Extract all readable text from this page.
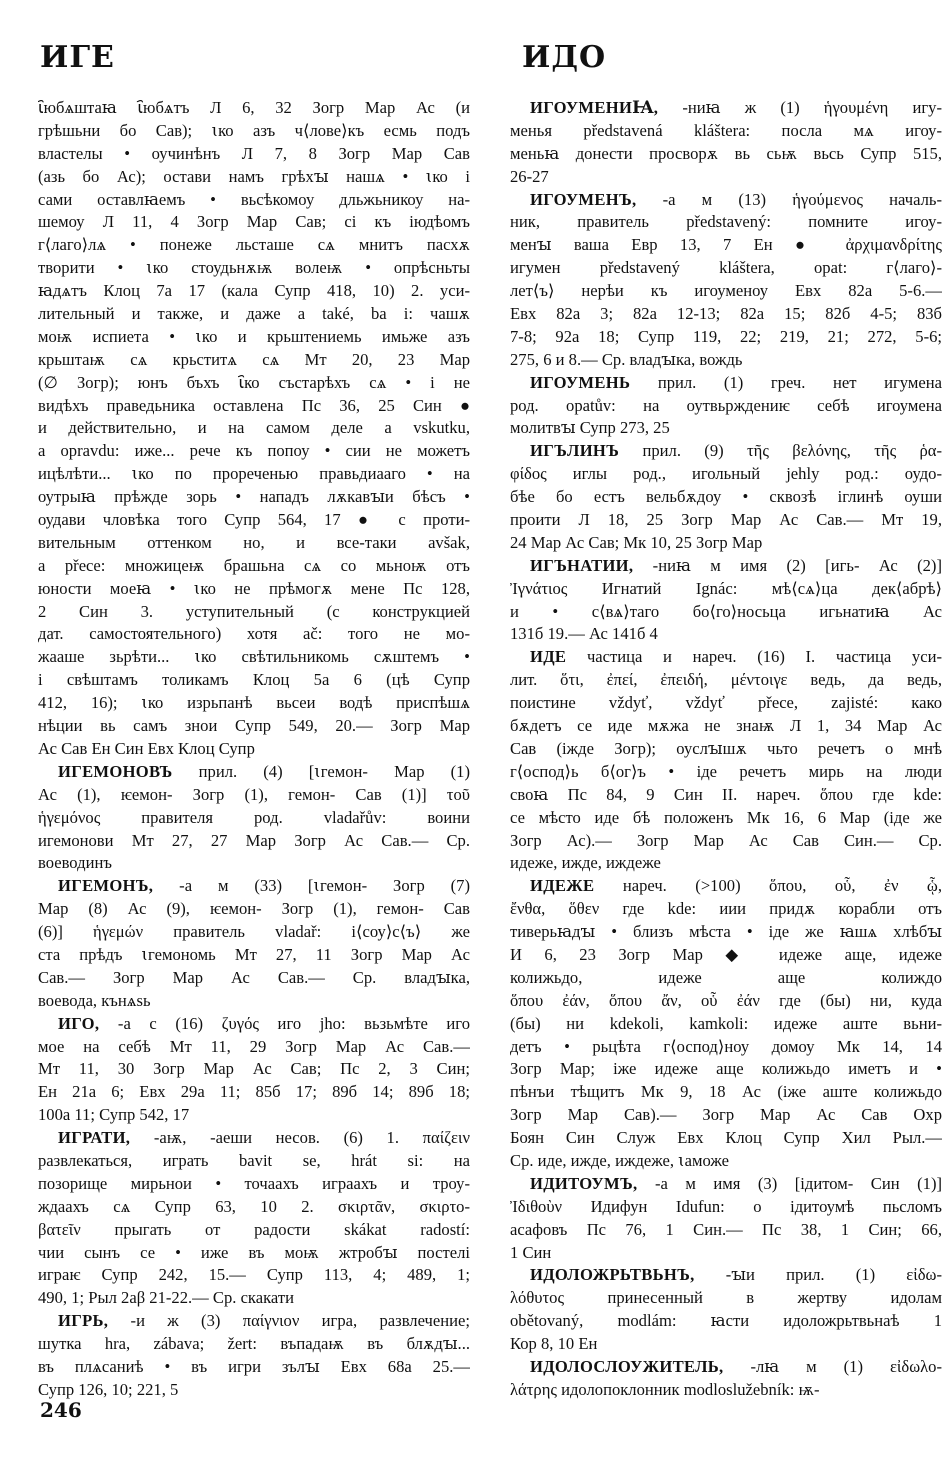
ИГЕ	ИДО
ꙇ҄юбѧштаꙗ ꙇ҄юбѧтъ Л 6, 32 Зогр Мар Ас (и
грѣшьни бо Сав); ꙇко азъ ч⟨лове⟩къ есмь подъ
властелы • оучинѣнъ Л 7, 8 Зогр Мар Сав
(азь бо Ас); остави намъ грѣхꙑ нашѧ • ꙇко і
сами оставлꙗемъ • вьсѣкомоу дльжьникоу на-
шемоу Л 11, 4 Зогр Мар Сав; сі къ іюдѣомъ
г⟨лаго⟩лѧ • понеже льсташе сѧ мнитъ пасхѫ
творити • ꙇко стоудьнѫѭ волеѭ • опрѣсньты
ꙗдѧтъ Клоц 7а 17 (кала Супр 418, 10) 2. уси-
лительный и также, и даже a také, ba i: чашѫ
моѭ испиета • ꙇко и крьштениемь имьже азъ
крьштаѭ сѧ крьститѧ сѧ Мт 20, 23 Мар
(∅ Зогр); юнъ бъхъ ꙇ҄ко състарѣхъ сѧ • і не
видѣхъ праведьника оставлена Пс 36, 25 Син ●
и действительно, и на самом деле a vskutku,
a opravdu: иже... рече къ попоу • сии не можетъ
ицѣлѣти... ꙇко по прореченью правьдиааго • на
оутрыꙗ прѣжде зорь • нападъ лѫкавꙑи бѣсъ •
оудави чловѣка того Супр 564, 17 ● с проти-
вительным оттенком но, и все-таки avšak,
a přece: множицеѭ брашьна сѧ со мьноѭ отъ
юности моеꙗ • ꙇко не прѣмогѫ мене Пс 128,
2 Син 3. уступительный (с конструкцией
дат. самостоятельного) хотя ač: того не мо-
жааше зьрѣти... ꙇко свѣтильникомь сѫштемъ •
і свѣштамъ толикамъ Клоц 5а 6 (цѣ Супр
412, 16); ꙇко изрьпанѣ вьсеи водѣ приспѣшѧ
нѣции вь самъ знои Супр 549, 20.— Зогр Мар
Ас Сав Ен Син Евх Клоц Супр
ИГЕМОНОВЪ прил. (4) [ꙇгемон- Мар (1)
Ас (1), ѥемон- Зогр (1), гемон- Сав (1)] τοῦ
ἡγεμόνος правителя род. vladařův: воини
игемонови Мт 27, 27 Мар Зогр Ас Сав.— Ср.
воеводинъ
ИГЕМОНЪ, -а м (33) [ꙇгемон- Зогр (7)
Мар (8) Ас (9), ѥемон- Зогр (1), гемон- Сав
(6)] ἡγεμών правитель vladař: і⟨соу⟩с⟨ъ⟩ же
ста прѣдъ ꙇгемономь Мт 27, 11 Зогр Мар Ас
Сав.— Зогр Мар Ас Сав.— Ср. владꙑка,
воевода, кънѧѕь
ИГО, -а с (16) ζυγός иго jho: вьзьмѣте иго
мое на себѣ Мт 11, 29 Зогр Мар Ас Сав.—
Мт 11, 30 Зогр Мар Ас Сав; Пс 2, 3 Син;
Ен 21а 6; Евх 29а 11; 85б 17; 89б 14; 89б 18;
100а 11; Супр 542, 17
ИГРАТИ, -аѭ, -аеши несов. (6) 1. παίζειν
развлекаться, играть bavit se, hrát si: на
позорище мирьнои • точаахъ играахъ и троу-
ждаахъ сѧ Супр 63, 10 2. σκιρτᾶν, σκιρτο-
βατεῖν прыгать от радости skákat radostí:
чии сынъ се • иже въ моѭ жтробꙑ постелі
играѥ Супр 242, 15.— Супр 113, 4; 489, 1;
490, 1; Рыл 2аβ 21-22.— Ср. скакати
ИГРЬ, -и ж (3) παίγνιον игра, развлечение;
шутка hra, zábava; žert: въпадаѭ въ блѫдꙑ...
въ плѧсаниѣ • въ игри зълꙑ Евх 68а 25.—
Супр 126, 10; 221, 5
ИГОУМЕНИꙖ, -ниꙗ ж (1) ἡγουμένη игу-
менья představená kláštera: посла мѧ игоу-
меньꙗ донести просворѫ вь сьѭ вьсь Супр 515,
26-27
ИГОУМЕНЪ, -а м (13) ἡγούμενος началь-
ник, правитель představený: помните игоу-
менꙑ ваша Евр 13, 7 Ен ● ἀρχιμανδρίτης
игумен představený kláštera, opat: г⟨лаго⟩-
лет⟨ъ⟩ нерѣи къ игоуменоу Евх 82а 5-6.—
Евх 82а 3; 82а 12-13; 82а 15; 82б 4-5; 83б
7-8; 92а 18; Супр 119, 22; 219, 21; 272, 5-6;
275, 6 и 8.— Ср. владꙑка, вождь
ИГОУМЕНЬ прил. (1) греч. нет игумена
род. opatův: на оутвьрждениѥ себѣ игоумена
молитвꙑ Супр 273, 25
ИГЪЛИНЪ прил. (9) τῆς βελόνης, τῆς ῥα-
φίδος иглы род., игольный jehly род.: оудо-
бѣе бо естъ вельбѫдоу • сквозѣ іглинѣ оуши
проити Л 18, 25 Зогр Мар Ас Сав.— Мт 19,
24 Мар Ас Сав; Мк 10, 25 Зогр Мар
ИГЪНАТИИ, -ниꙗ м имя (2) [игь- Ас (2)]
Ἰγνάτιος Игнатий Ignác: мѣ⟨сѧ⟩ца дек⟨абрѣ⟩
и • с⟨вѧ⟩таго бо⟨го⟩носьца игьнатиꙗ Ас
131б 19.— Ас 141б 4
ИДЕ частица и нареч. (16) I. частица уси-
лит. ὅτι, ἐπεί, ἐπειδή, μέντοιγε ведь, да ведь,
поистине vždyť, vždyť přece, zajisté: како
бѫдетъ се иде мѫжа не знаѭ Л 1, 34 Мар Ас
Сав (іжде Зогр); оуслꙑшѫ чьто речетъ о мнѣ
г⟨оспод⟩ь б⟨ог⟩ъ • іде речетъ мирь на люди
своꙗ Пс 84, 9 Син II. нареч. ὅπου где kde:
се мѣсто иде бѣ положенъ Мк 16, 6 Мар (іде же
Зогр Ас).— Зогр Мар Ас Сав Син.— Ср.
идеже, иждe, иждеже
ИДЕЖЕ нареч. (>100) ὅπου, οὗ, ἐν ᾧ,
ἔνθα, ὅθεν где kde: иии придѫ корабли отъ
тиверьꙗдꙑ • близъ мѣста • іде же ꙗшѧ хлѣбꙑ
И 6, 23 Зогр Мар ◆ идеже аще, идеже
колижьдо, идеже аще колиждо
ὅπου ἐάν, ὅπου ἄν, οὗ ἐάν где (бы) ни, куда
(бы) ни kdekoli, kamkoli: идеже аште вьни-
детъ • рьцѣта г⟨оспод⟩ноу домоу Мк 14, 14
Зогр Мар; іже идеже аще колижьдо иметъ и •
пѣнъи тѣщитъ Мк 9, 18 Ас (іже аште колижьдо
Зогр Мар Сав).— Зогр Мар Ас Сав Охр
Боян Син Служ Евх Клоц Супр Хил Рыл.—
Ср. иде, ижде, иждеже, ꙇаможе
ИДИТОУМЪ, -а м имя (3) [ідитом- Син (1)]
Ἰδιθοὺν Идифун Idufun: о ідитоумѣ пьсломъ
асафовъ Пс 76, 1 Син.— Пс 38, 1 Син; 66,
1 Син
ИДОЛОЖРЬТВЬНЪ, -ꙑи прил. (1) εἰδω-
λόθυτος принесенный в жертву идолам
obětovaný, modlám: ꙗсти идоложрьтвьнаѣ 1
Кор 8, 10 Ен
ИДОЛОСЛОУЖИТЕЛЬ, -лꙗ м (1) εἰδωλο-
λάτρης идолопоклонник modloslužebník: ѭ-
246
